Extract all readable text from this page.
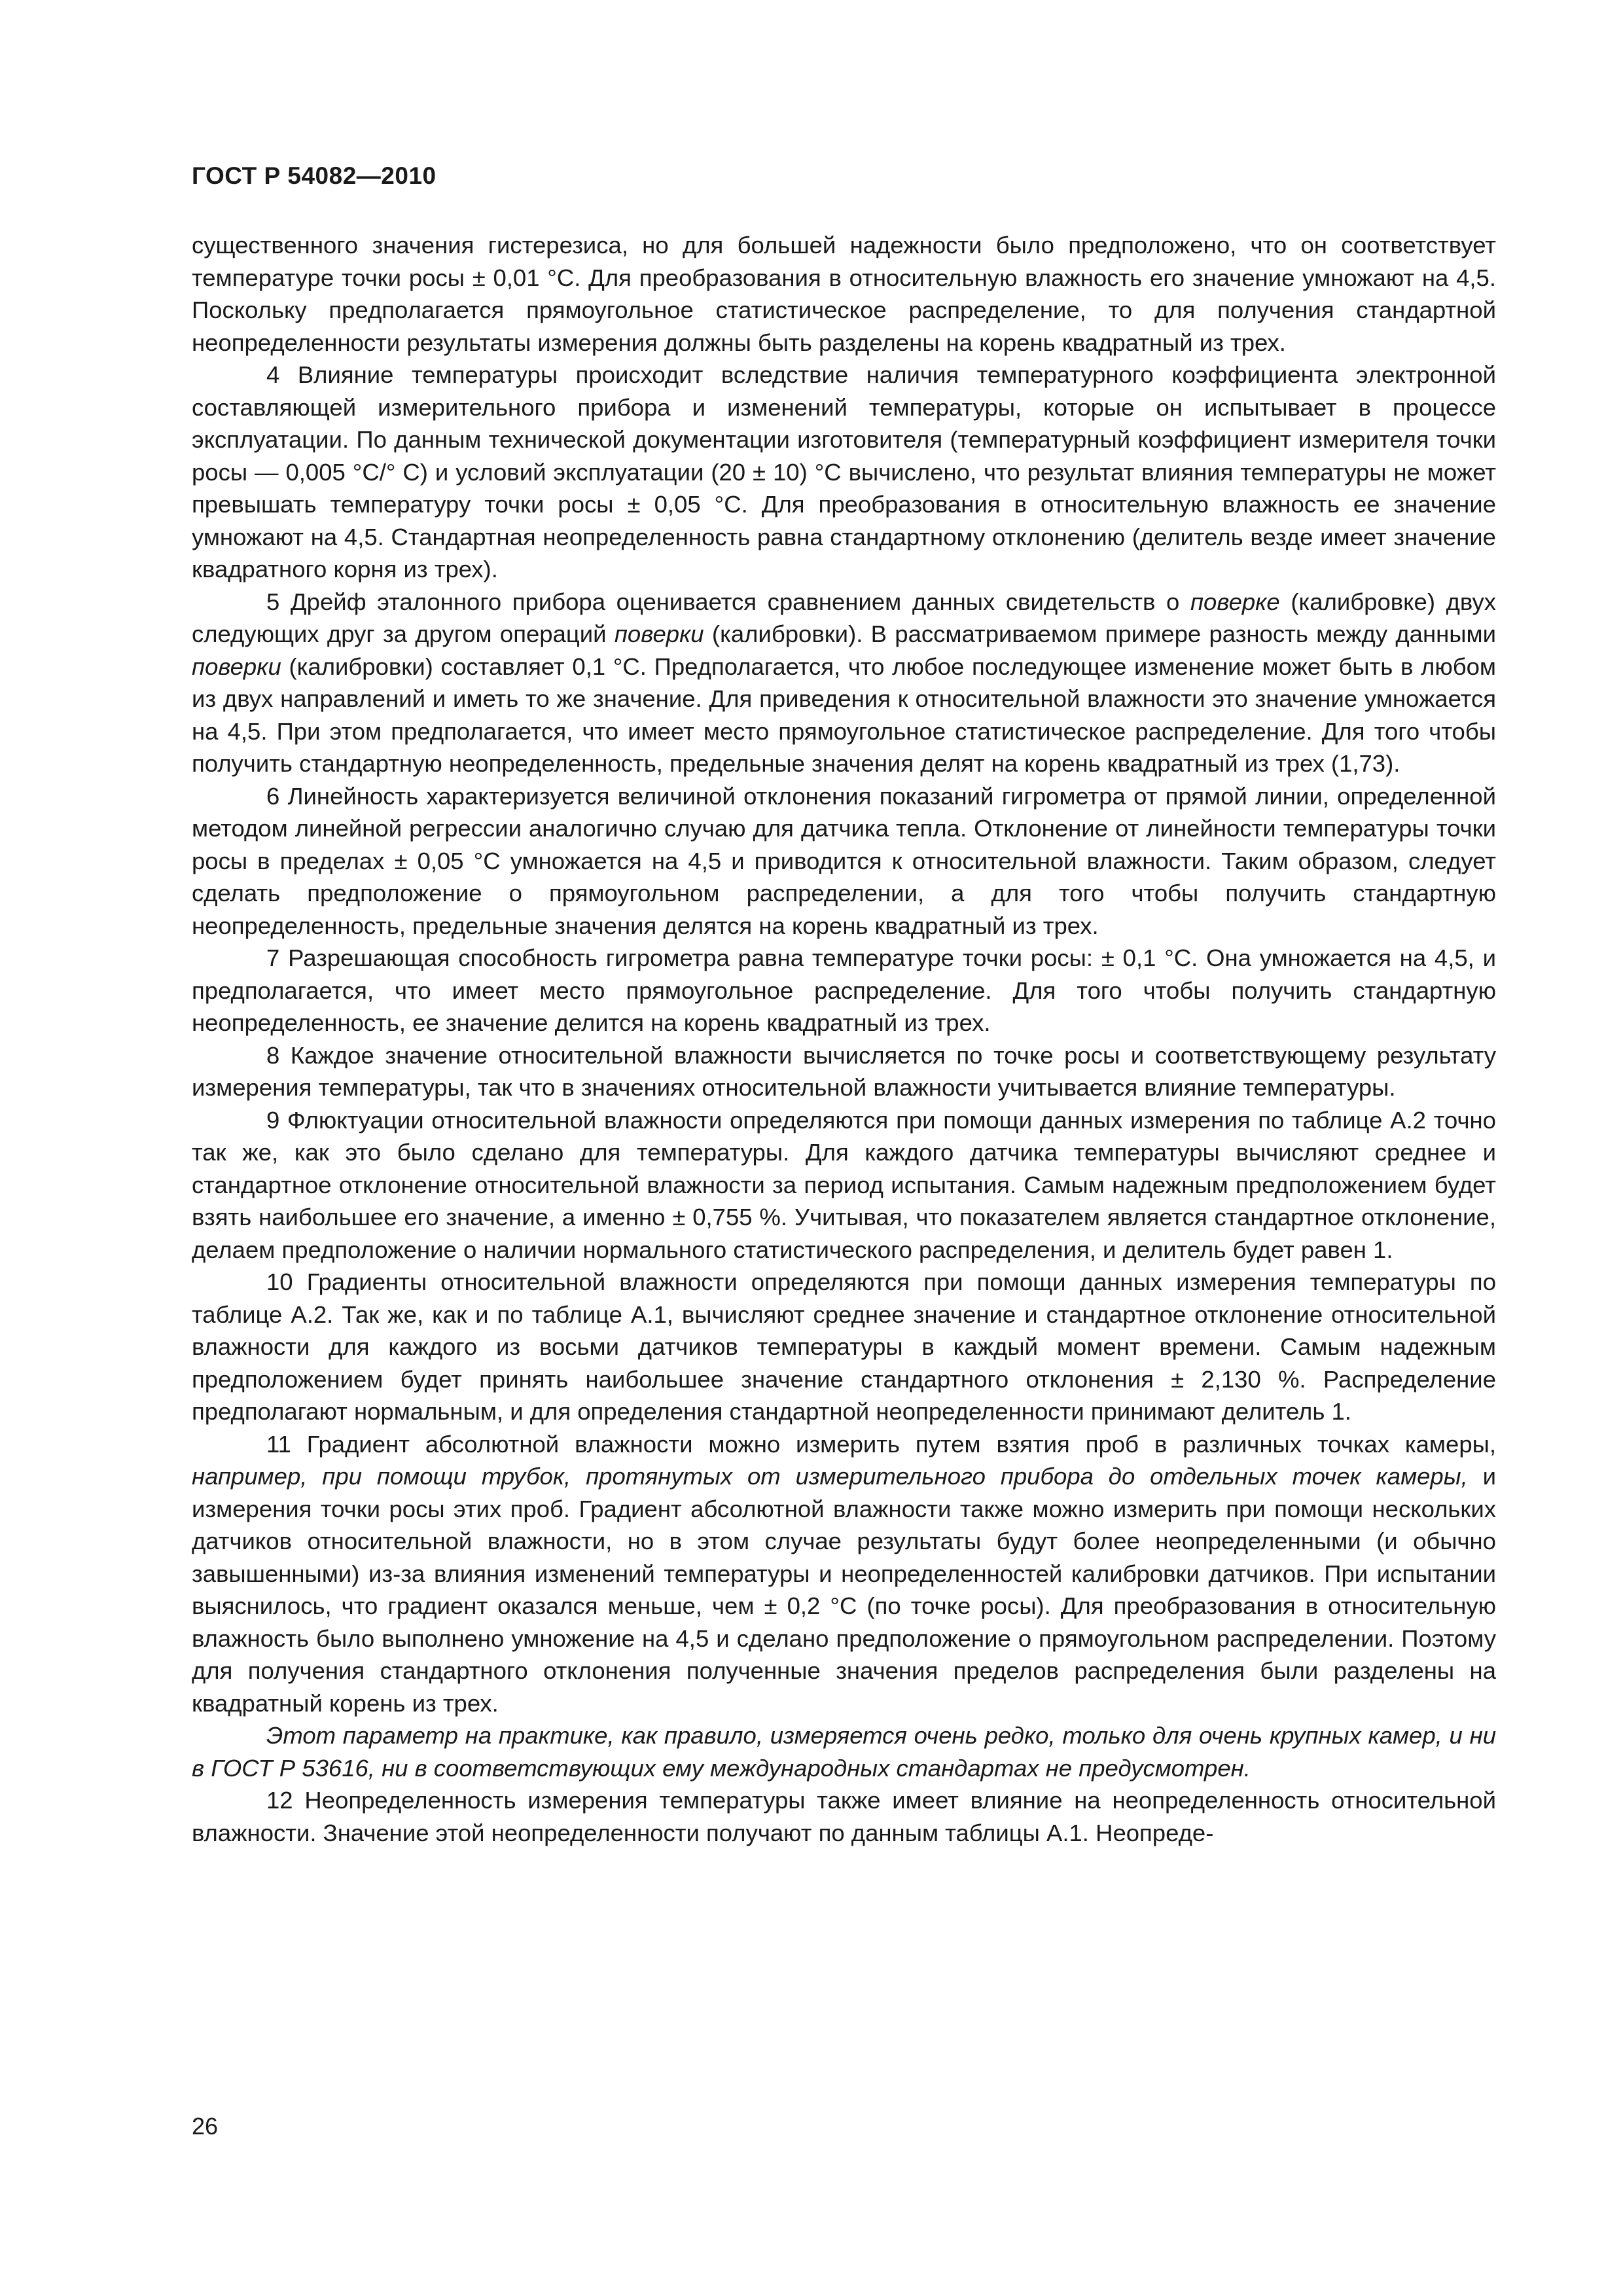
ГОСТ Р 54082—2010

существенного значения гистерезиса, но для большей надежности было предположено, что он соответствует температуре точки росы ± 0,01 °С. Для преобразования в относительную влажность его значение умножают на 4,5. Поскольку предполагается прямоугольное статистическое распределение, то для получения стандартной неопределенности результаты измерения должны быть разделены на корень квадратный из трех.

4 Влияние температуры происходит вследствие наличия температурного коэффициента электронной составляющей измерительного прибора и изменений температуры, которые он испытывает в процессе эксплуатации. По данным технической документации изготовителя (температурный коэффициент измерителя точки росы — 0,005 °С/° С) и условий эксплуатации (20 ± 10) °С вычислено, что результат влияния температуры не может превышать температуру точки росы ± 0,05 °С. Для преобразования в относительную влажность ее значение умножают на 4,5. Стандартная неопределенность равна стандартному отклонению (делитель везде имеет значение квадратного корня из трех).

5 Дрейф эталонного прибора оценивается сравнением данных свидетельств о поверке (калибровке) двух следующих друг за другом операций поверки (калибровки). В рассматриваемом примере разность между данными поверки (калибровки) составляет 0,1 °С. Предполагается, что любое последующее изменение может быть в любом из двух направлений и иметь то же значение. Для приведения к относительной влажности это значение умножается на 4,5. При этом предполагается, что имеет место прямоугольное статистическое распределение. Для того чтобы получить стандартную неопределенность, предельные значения делят на корень квадратный из трех (1,73).

6 Линейность характеризуется величиной отклонения показаний гигрометра от прямой линии, определенной методом линейной регрессии аналогично случаю для датчика тепла. Отклонение от линейности температуры точки росы в пределах ± 0,05 °С умножается на 4,5 и приводится к относительной влажности. Таким образом, следует сделать предположение о прямоугольном распределении, а для того чтобы получить стандартную неопределенность, предельные значения делятся на корень квадратный из трех.

7 Разрешающая способность гигрометра равна температуре точки росы: ± 0,1 °С. Она умножается на 4,5, и предполагается, что имеет место прямоугольное распределение. Для того чтобы получить стандартную неопределенность, ее значение делится на корень квадратный из трех.

8 Каждое значение относительной влажности вычисляется по точке росы и соответствующему результату измерения температуры, так что в значениях относительной влажности учитывается влияние температуры.

9 Флюктуации относительной влажности определяются при помощи данных измерения по таблице А.2 точно так же, как это было сделано для температуры. Для каждого датчика температуры вычисляют среднее и стандартное отклонение относительной влажности за период испытания. Самым надежным предположением будет взять наибольшее его значение, а именно ± 0,755 %. Учитывая, что показателем является стандартное отклонение, делаем предположение о наличии нормального статистического распределения, и делитель будет равен 1.

10 Градиенты относительной влажности определяются при помощи данных измерения температуры по таблице А.2. Так же, как и по таблице А.1, вычисляют среднее значение и стандартное отклонение относительной влажности для каждого из восьми датчиков температуры в каждый момент времени. Самым надежным предположением будет принять наибольшее значение стандартного отклонения ± 2,130 %. Распределение предполагают нормальным, и для определения стандартной неопределенности принимают делитель 1.

11 Градиент абсолютной влажности можно измерить путем взятия проб в различных точках камеры, например, при помощи трубок, протянутых от измерительного прибора до отдельных точек камеры, и измерения точки росы этих проб. Градиент абсолютной влажности также можно измерить при помощи нескольких датчиков относительной влажности, но в этом случае результаты будут более неопределенными (и обычно завышенными) из-за влияния изменений температуры и неопределенностей калибровки датчиков. При испытании выяснилось, что градиент оказался меньше, чем ± 0,2 °С (по точке росы). Для преобразования в относительную влажность было выполнено умножение на 4,5 и сделано предположение о прямоугольном распределении. Поэтому для получения стандартного отклонения полученные значения пределов распределения были разделены на квадратный корень из трех.

Этот параметр на практике, как правило, измеряется очень редко, только для очень крупных камер, и ни в ГОСТ Р 53616, ни в соответствующих ему международных стандартах не предусмотрен.

12 Неопределенность измерения температуры также имеет влияние на неопределенность относительной влажности. Значение этой неопределенности получают по данным таблицы А.1. Неопреде-

26
